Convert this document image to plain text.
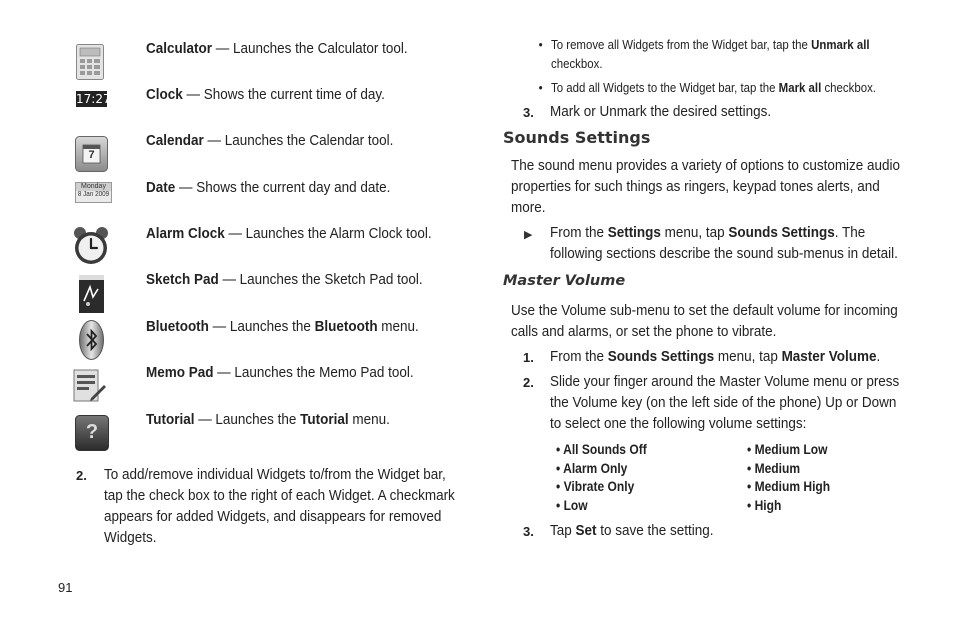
17:27
7
Monday
8 Jan 2009
?
Calculator — Launches the Calculator tool.
Clock — Shows the current time of day.
Calendar — Launches the Calendar tool.
Date — Shows the current day and date.
Alarm Clock — Launches the Alarm Clock tool.
Sketch Pad — Launches the Sketch Pad tool.
Bluetooth — Launches the Bluetooth menu.
Memo Pad — Launches the Memo Pad tool.
Tutorial — Launches the Tutorial menu.
2. To add/remove individual Widgets to/from the Widget bar,
tap the check box to the right of each Widget. A checkmark
appears for added Widgets, and disappears for removed
Widgets.
91
• To remove all Widgets from the Widget bar, tap the Unmark all
checkbox.
• To add all Widgets to the Widget bar, tap the Mark all checkbox.
3. Mark or Unmark the desired settings.
Sounds Settings
The sound menu provides a variety of options to customize audio
properties for such things as ringers, keypad tones alerts, and
more.
▶ From the Settings menu, tap Sounds Settings. The
following sections describe the sound sub-menus in detail.
Master Volume
Use the Volume sub-menu to set the default volume for incoming
calls and alarms, or set the phone to vibrate.
1. From the Sounds Settings menu, tap Master Volume.
2. Slide your finger around the Master Volume menu or press
the Volume key (on the left side of the phone) Up or Down
to select one the following volume settings:
• All Sounds Off
• Alarm Only
• Vibrate Only
• Low
• Medium Low
• Medium
• Medium High
• High
3. Tap Set to save the setting.
